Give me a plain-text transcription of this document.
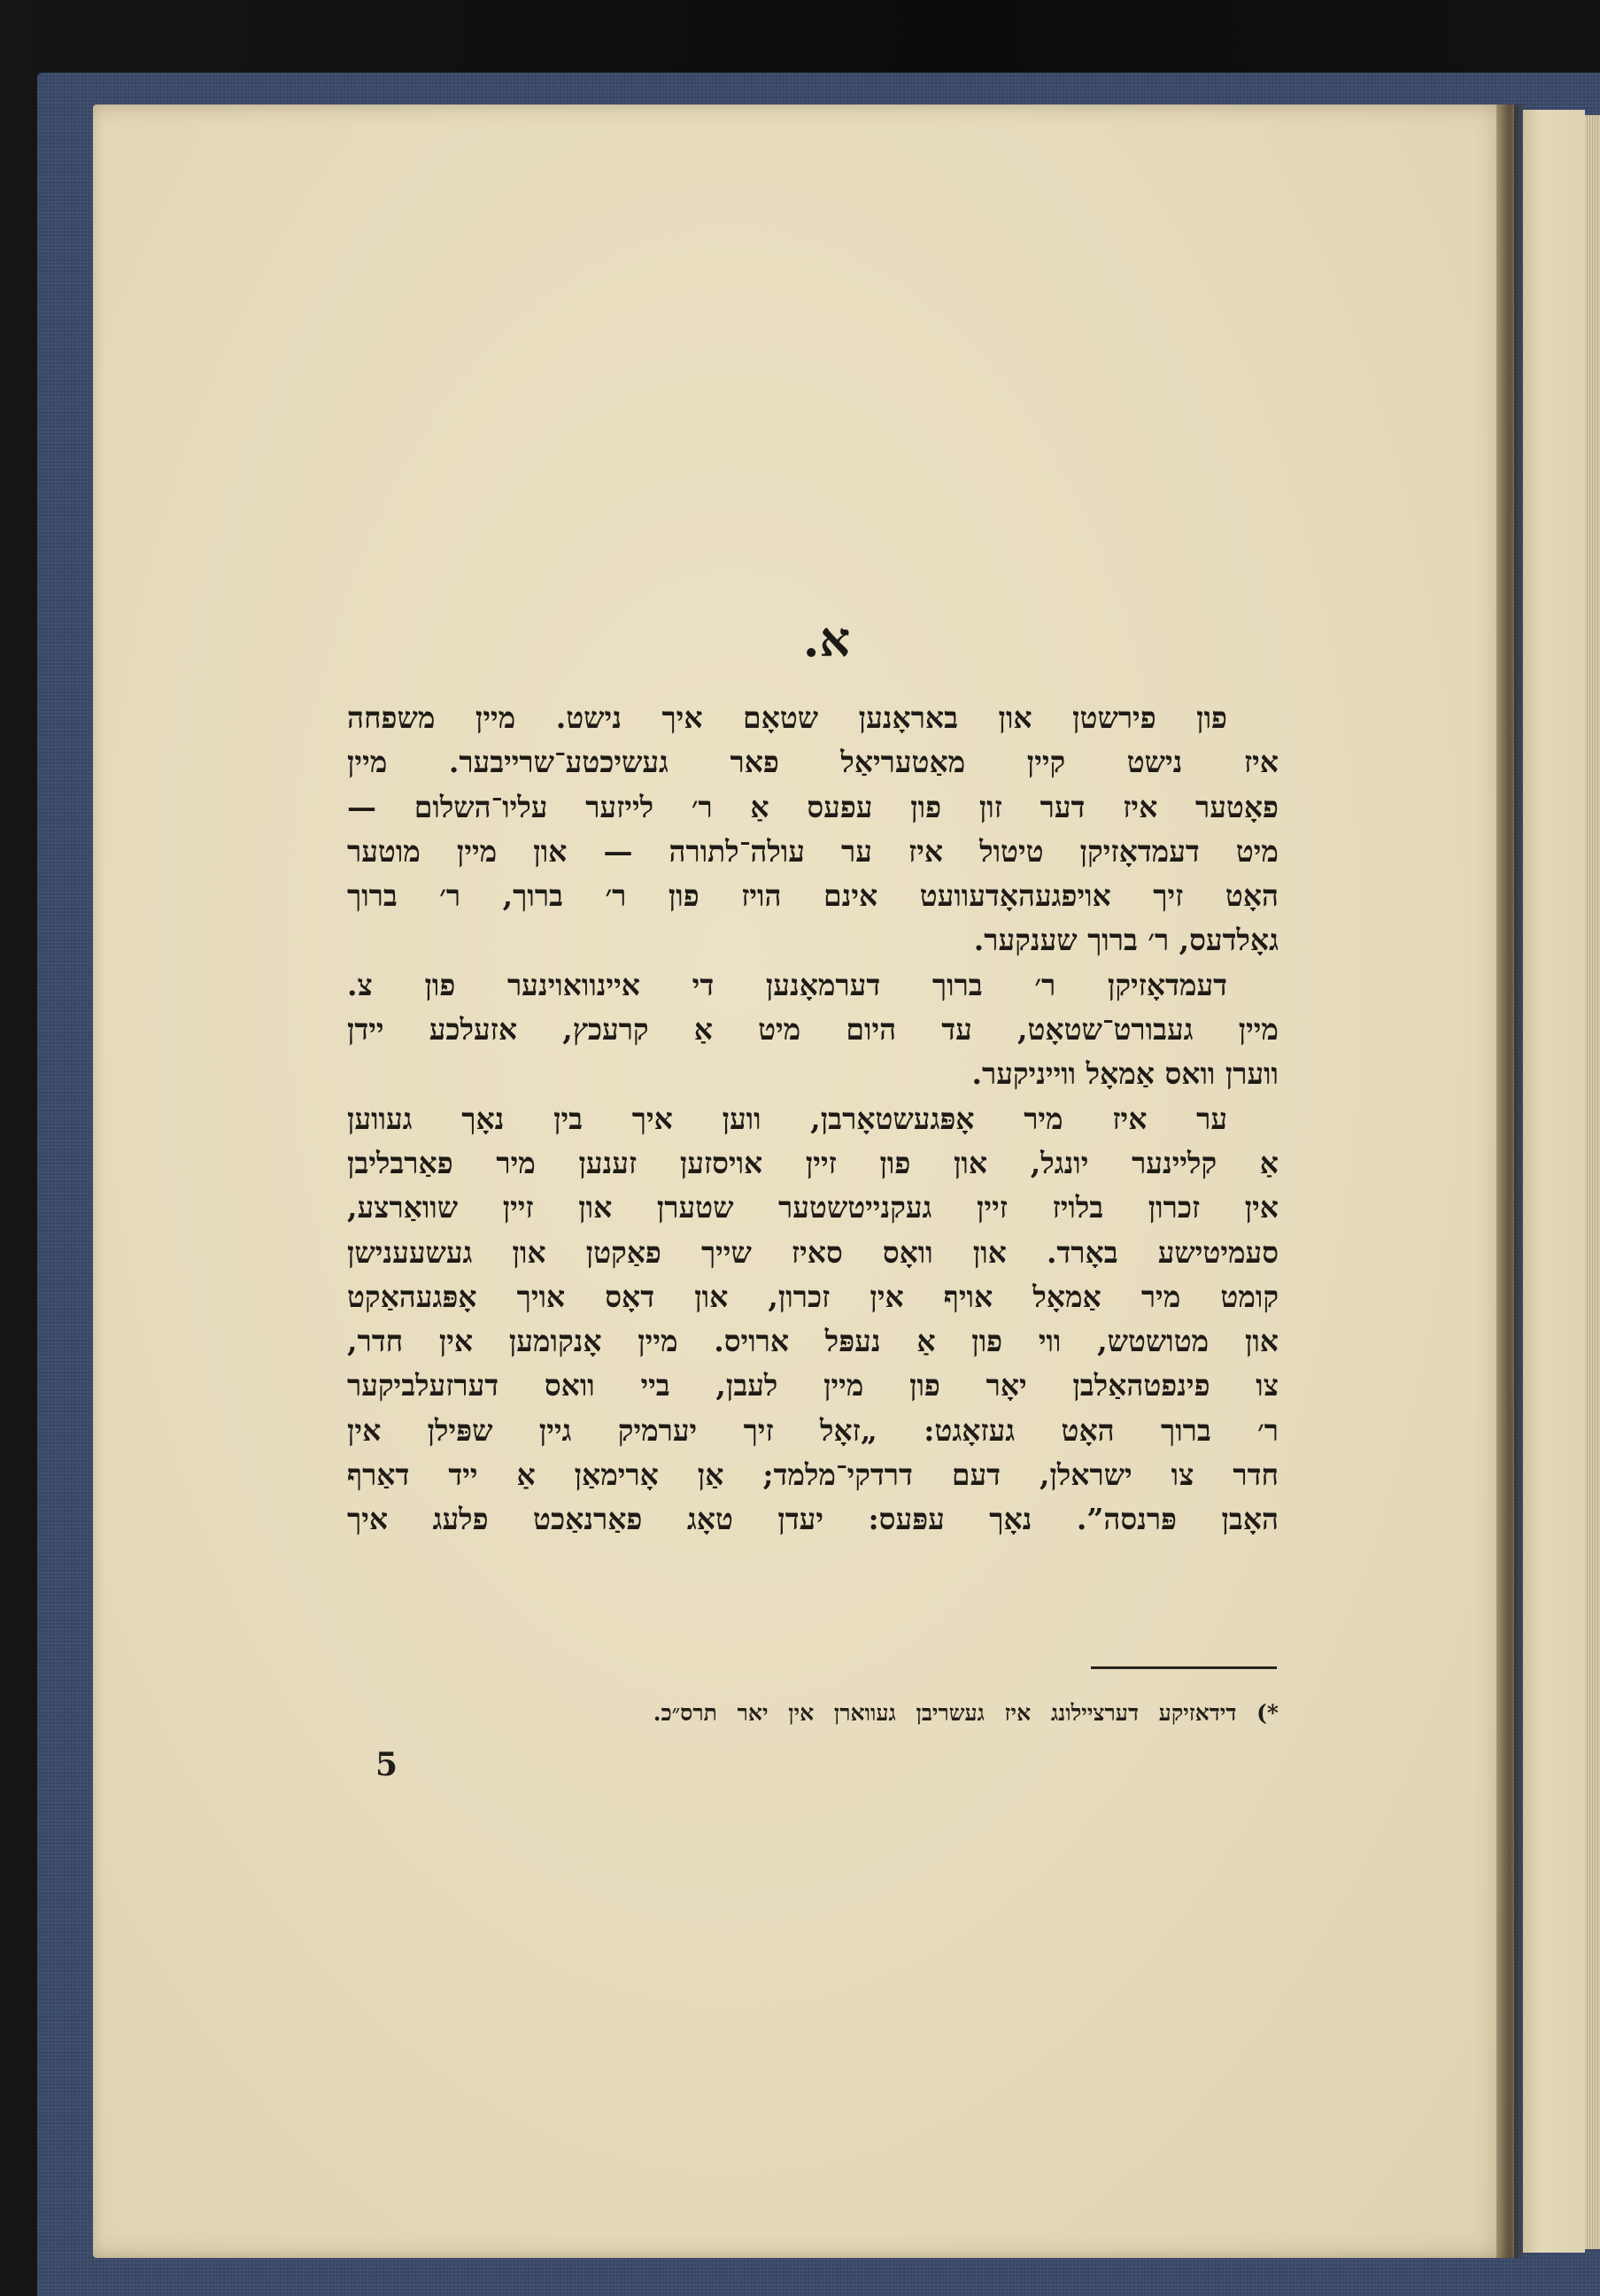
א.
פון פירשטן און באראָנען שטאָם איך נישט. מיין משפחה
איז נישט קיין מאַטעריאַל פאר געשיכטע־שרייבער. מיין
פאָטער איז דער זון פון עפעס אַ ר׳ לייזער עליו־השלום —
מיט דעמדאָזיקן טיטול איז ער עולה־לתורה — און מיין מוטער
האָט זיך אויפגעהאָדעוועט אינם הויז פון ר׳ ברוך, ר׳ ברוך
גאָלדעס, ר׳ ברוך שענקער.
דעמדאָזיקן ר׳ ברוך דערמאָנען די איינוואוינער פון צ.
מיין געבורט־שטאָט, עד היום מיט אַ קרעכץ, אזעלכע יידן
ווערן וואס אַמאָל ווייניקער.
ער איז מיר אָפּגעשטאָרבן, ווען איך בין נאָך געווען
אַ קליינער יונגל, און פון זיין אויסזען זענען מיר פאַרבליבן
אין זכרון בלויז זיין געקנייטשטער שטערן און זיין שוואַרצע,
סעמיטישע באָרד. און וואָס סאיז שייך פאַקטן און געשעענישן
קומט מיר אַמאָל אויף אין זכרון, און דאָס אויך אָפּגעהאַקט
און מטושטש, ווי פון אַ נעפּל ארויס. מיין אָנקומען אין חדר,
צו פינפטהאַלבן יאָר פון מיין לעבן, ביי וואס דערזעלביקער
ר׳ ברוך האָט געזאָגט: „זאָל זיך יערמיק גיין שפּילן אין
חדר צו ישראלן, דעם דרדקי־מלמד; אַן אָרימאַן אַ ייד דאַרף
האָבן פּרנסה”. נאָך עפּעס: יעדן טאָג פאַרנאַכט פלעג איך
*) דידאזיקע דערציילונג איז געשריבן געווארן אין יאר תרס״כ.
5
